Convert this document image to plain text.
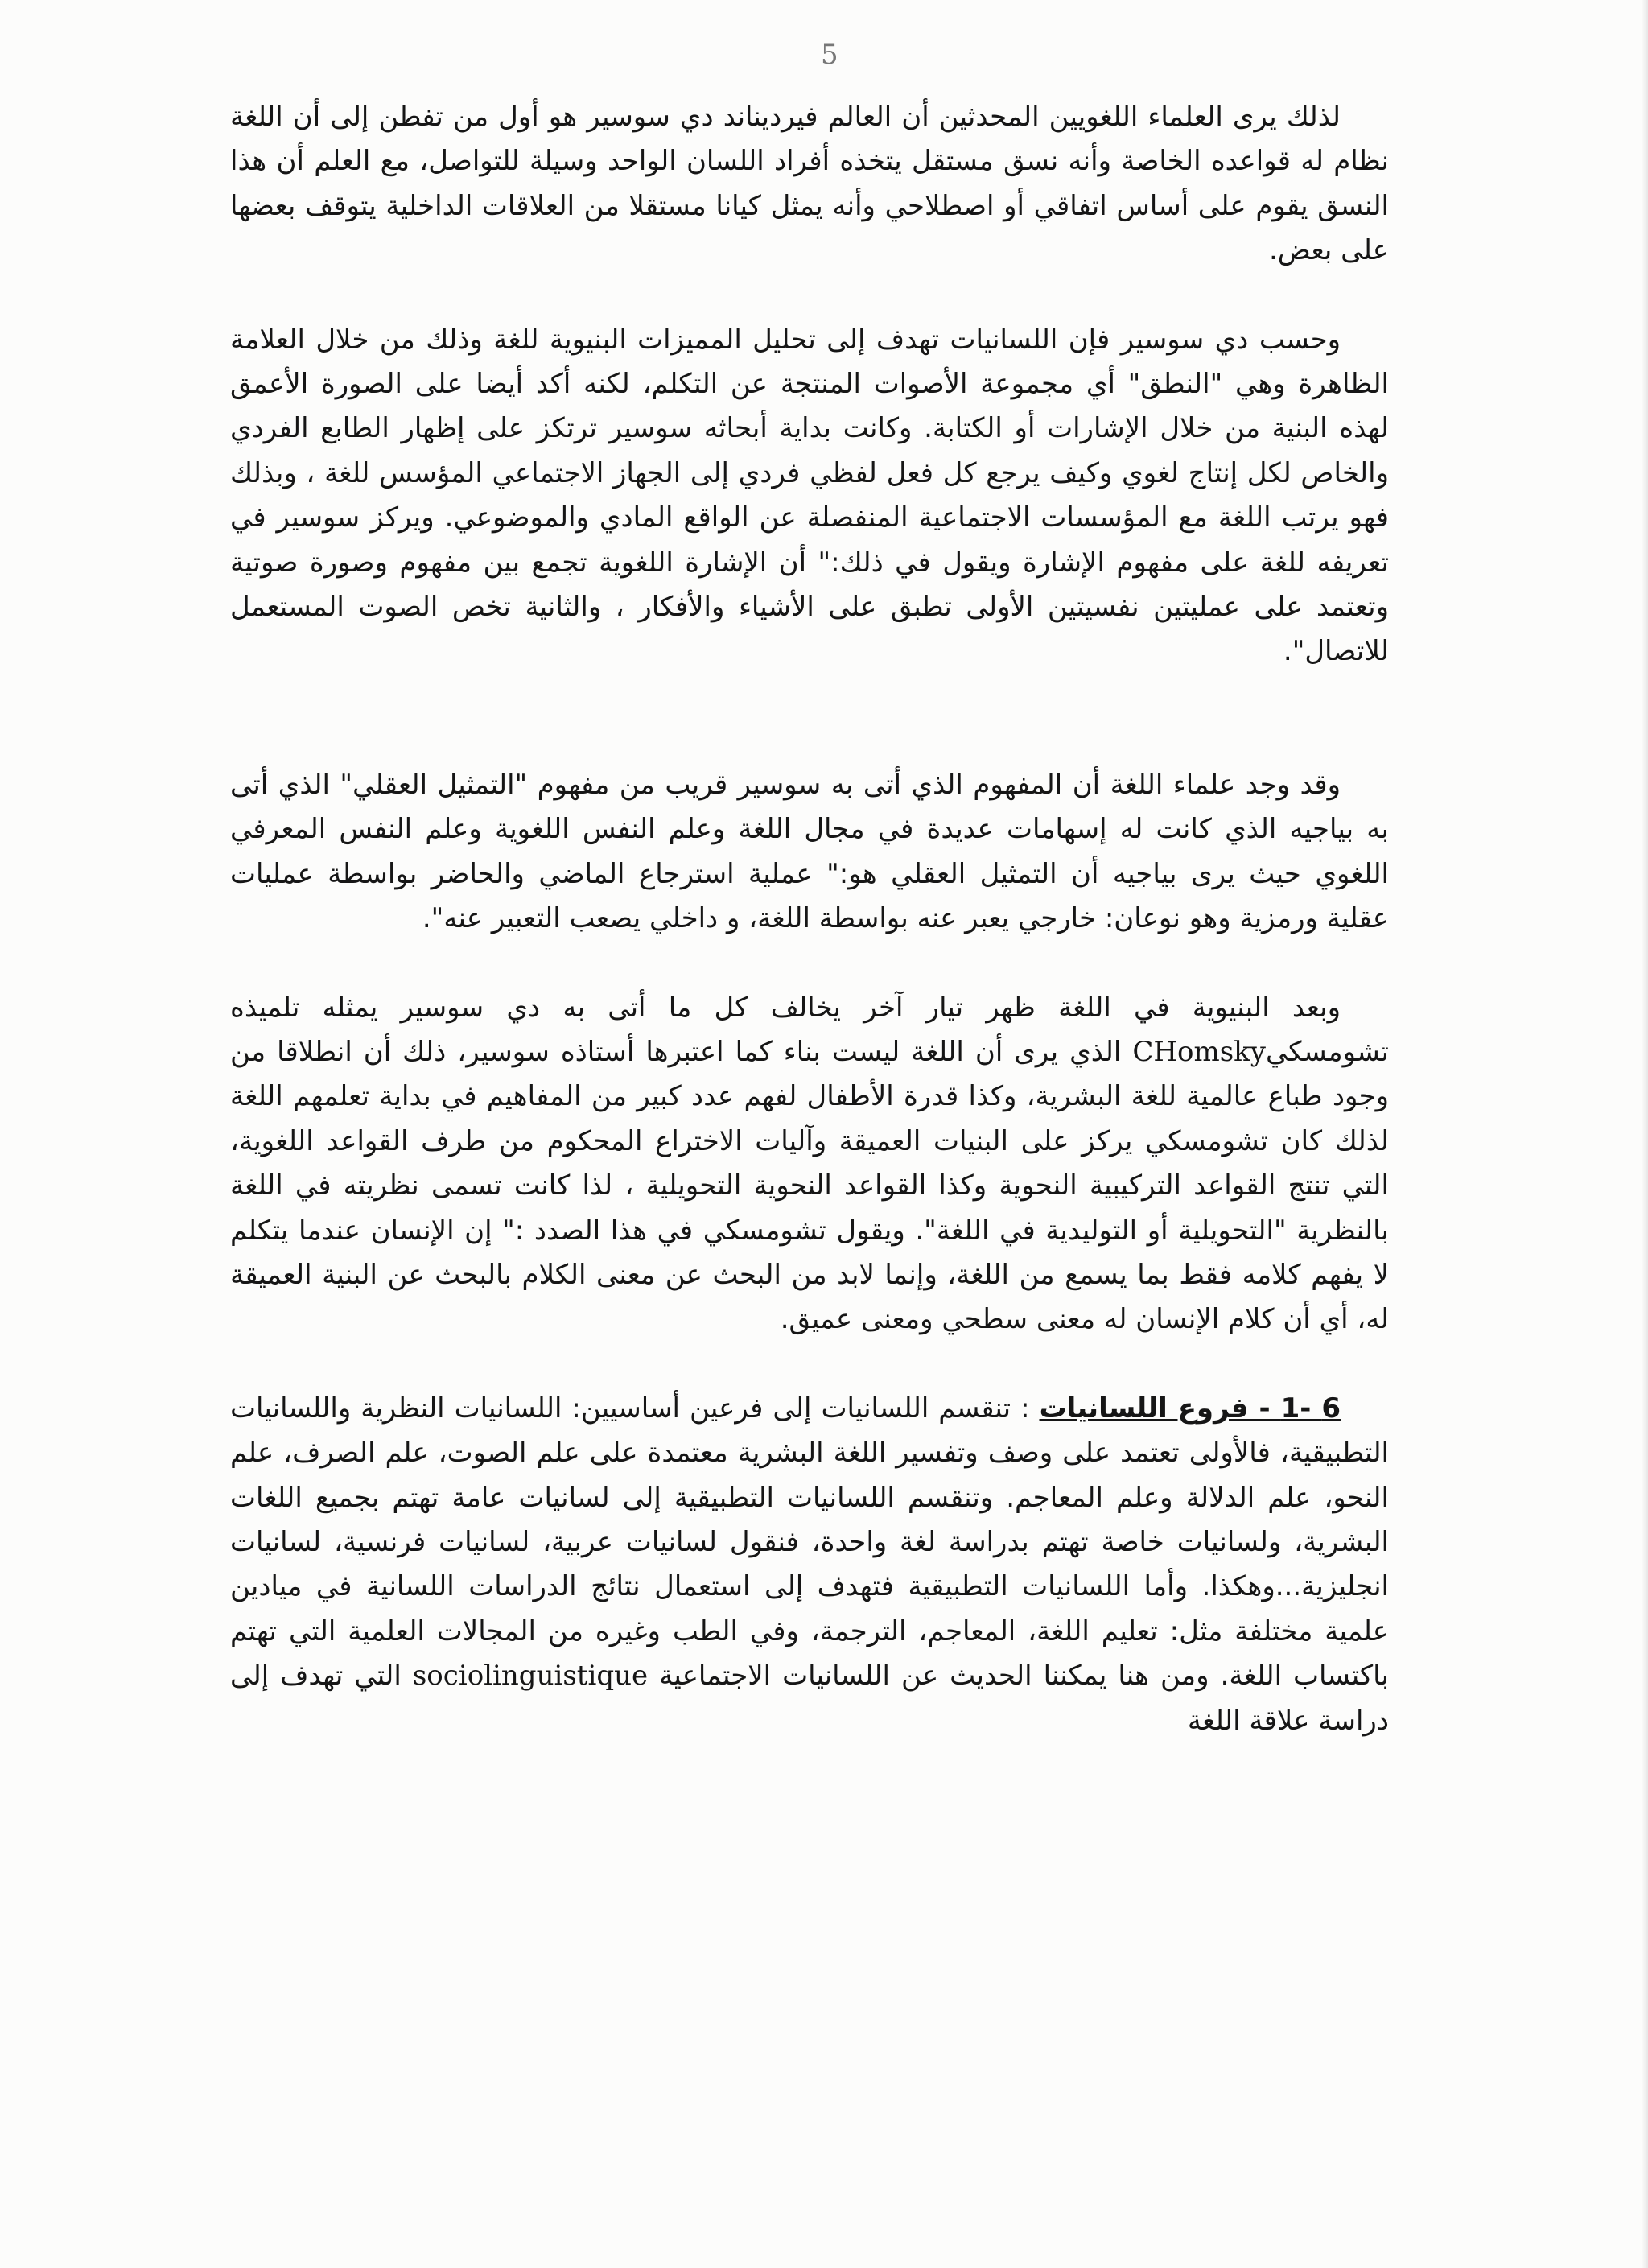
5

لذلك يرى العلماء اللغويين المحدثين أن العالم فيرديناند دي سوسير هو أول من تفطن إلى أن اللغة نظام له قواعده الخاصة وأنه نسق مستقل يتخذه أفراد اللسان الواحد وسيلة للتواصل، مع العلم أن هذا النسق يقوم على أساس اتفاقي أو اصطلاحي وأنه يمثل كيانا مستقلا من العلاقات الداخلية يتوقف بعضها على بعض.

وحسب دي سوسير فإن اللسانيات تهدف إلى تحليل المميزات البنيوية للغة وذلك من خلال العلامة الظاهرة وهي "النطق" أي مجموعة الأصوات المنتجة عن التكلم، لكنه أكد أيضا على الصورة الأعمق لهذه البنية من خلال الإشارات أو الكتابة. وكانت بداية أبحاثه سوسير ترتكز على إظهار الطابع الفردي والخاص لكل إنتاج لغوي وكيف يرجع كل فعل لفظي فردي إلى الجهاز الاجتماعي المؤسس للغة ، وبذلك فهو يرتب اللغة مع المؤسسات الاجتماعية المنفصلة عن الواقع المادي والموضوعي. ويركز سوسير في تعريفه للغة على مفهوم الإشارة ويقول في ذلك:" أن الإشارة اللغوية تجمع بين مفهوم وصورة صوتية وتعتمد على عمليتين نفسيتين الأولى تطبق على الأشياء والأفكار ، والثانية تخص الصوت المستعمل للاتصال".

وقد وجد علماء اللغة أن المفهوم الذي أتى به سوسير قريب من مفهوم "التمثيل العقلي" الذي أتى به بياجيه الذي كانت له إسهامات عديدة في مجال اللغة وعلم النفس اللغوية وعلم النفس المعرفي اللغوي حيث يرى بياجيه أن التمثيل العقلي هو:" عملية استرجاع الماضي والحاضر بواسطة عمليات عقلية ورمزية وهو نوعان: خارجي يعبر عنه بواسطة اللغة، و داخلي يصعب التعبير عنه".

وبعد البنيوية في اللغة ظهر تيار آخر يخالف كل ما أتى به دي سوسير يمثله تلميذه تشومسكيCHomsky الذي يرى أن اللغة ليست بناء كما اعتبرها أستاذه سوسير، ذلك أن انطلاقا من وجود طباع عالمية للغة البشرية، وكذا قدرة الأطفال لفهم عدد كبير من المفاهيم في بداية تعلمهم اللغة لذلك كان تشومسكي يركز على البنيات العميقة وآليات الاختراع المحكوم من طرف القواعد اللغوية، التي تنتج القواعد التركيبية النحوية وكذا القواعد النحوية التحويلية ، لذا كانت تسمى نظريته في اللغة بالنظرية "التحويلية أو التوليدية في اللغة". ويقول تشومسكي في هذا الصدد :" إن الإنسان عندما يتكلم لا يفهم كلامه فقط بما يسمع من اللغة، وإنما لابد من البحث عن معنى الكلام بالبحث عن البنية العميقة له، أي أن كلام الإنسان له معنى سطحي ومعنى عميق.

6 -1 - فروع اللسانيات : تنقسم اللسانيات إلى فرعين أساسيين: اللسانيات النظرية واللسانيات التطبيقية، فالأولى تعتمد على وصف وتفسير اللغة البشرية معتمدة على علم الصوت، علم الصرف، علم النحو، علم الدلالة وعلم المعاجم. وتنقسم اللسانيات التطبيقية إلى لسانيات عامة تهتم بجميع اللغات البشرية، ولسانيات خاصة تهتم بدراسة لغة واحدة، فنقول لسانيات عربية، لسانيات فرنسية، لسانيات انجليزية...وهكذا. وأما اللسانيات التطبيقية فتهدف إلى استعمال نتائج الدراسات اللسانية في ميادين علمية مختلفة مثل: تعليم اللغة، المعاجم، الترجمة، وفي الطب وغيره من المجالات العلمية التي تهتم باكتساب اللغة. ومن هنا يمكننا الحديث عن اللسانيات الاجتماعية sociolinguistique التي تهدف إلى دراسة علاقة اللغة
